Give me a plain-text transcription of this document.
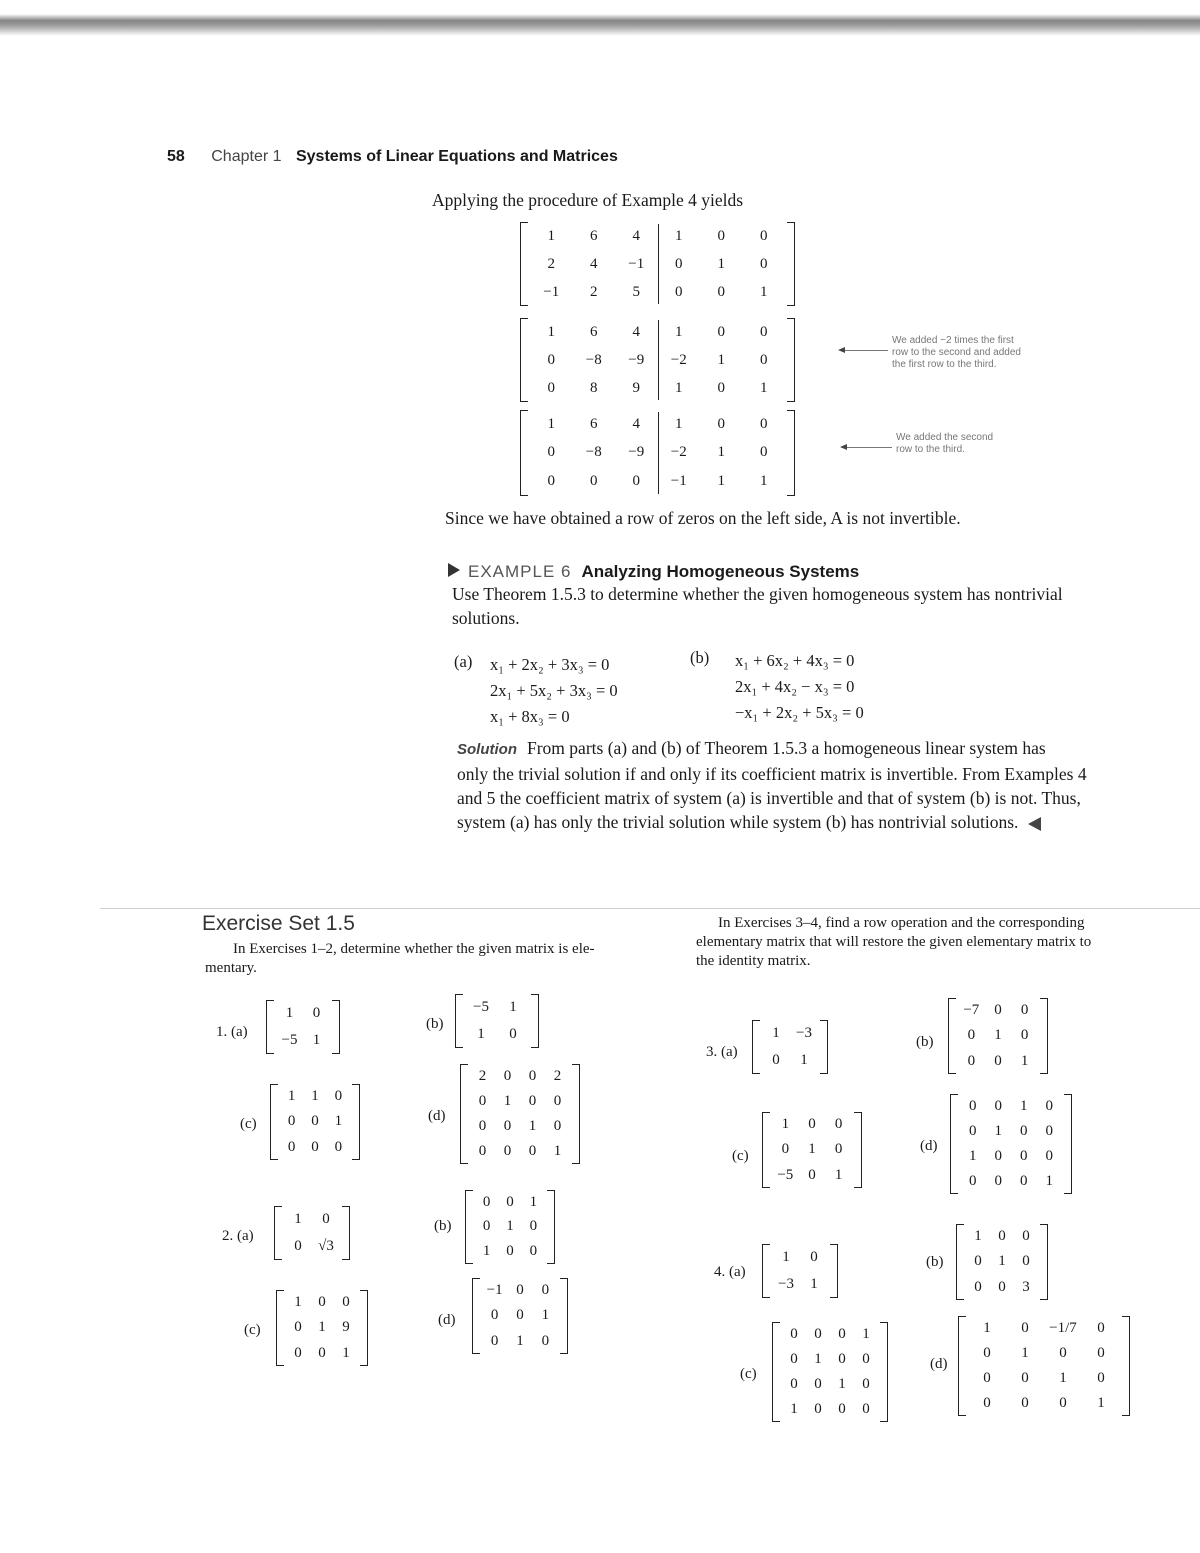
58 Chapter 1 Systems of Linear Equations and Matrices
Applying the procedure of Example 4 yields
1	6	4	1	0	0
2	4	−1	0	1	0
−1	2	5	0	0	1
1	6	4	1	0	0
0	−8	−9	−2	1	0
0	8	9	1	0	1
1	6	4	1	0	0
0	−8	−9	−2	1	0
0	0	0	−1	1	1
We added −2 times the first
row to the second and added
the first row to the third.
We added the second
row to the third.
Since we have obtained a row of zeros on the left side, A is not invertible.
EXAMPLE 6 Analyzing Homogeneous Systems
Use Theorem 1.5.3 to determine whether the given homogeneous system has nontrivial
solutions.
(a) x₁ + 2x₂ + 3x₃ = 0
2x₁ + 5x₂ + 3x₃ = 0
x₁ + 8x₃ = 0
(b) x₁ + 6x₂ + 4x₃ = 0
2x₁ + 4x₂ − x₃ = 0
−x₁ + 2x₂ + 5x₃ = 0
Solution From parts (a) and (b) of Theorem 1.5.3 a homogeneous linear system has
only the trivial solution if and only if its coefficient matrix is invertible. From Examples 4
and 5 the coefficient matrix of system (a) is invertible and that of system (b) is not. Thus,
system (a) has only the trivial solution while system (b) has nontrivial solutions.
Exercise Set 1.5
In Exercises 1–2, determine whether the given matrix is ele-
mentary.
In Exercises 3–4, find a row operation and the corresponding
elementary matrix that will restore the given elementary matrix to
the identity matrix.
1. (a)	(b)
(c)	(d)
2. (a)
(b)
(c)
(d)
3. (a)
(b)
(c)
(d)
4. (a)
(b)
(c)
(d)
1	0
−5	1
−5	1
1	0
1	1	0
0	0	1
0	0	0
2	0	0	2
0	1	0	0
0	0	1	0
0	0	0	1
1	0
0	√3
0	0	1
0	1	0
1	0	0
1	0	0
0	1	9
0	0	1
−1 0	0
0	0	1
0	1	0
1	−3
0	1
−7 0	0
0	1	0
0	0	1
1	0	0
0	1	0
−5 0	1
0	0	1	0
0	1	0	0
1	0	0	0
0	0	0	1
1	0
−3	1
1	0	0
0	1	0
0	0	3
0	0	0	1
0	1	0	0
0	0	1	0
1	0	0	0
1	0	−1/7	0
0	1	0	0
0	0	1	0
0	0	0	1
